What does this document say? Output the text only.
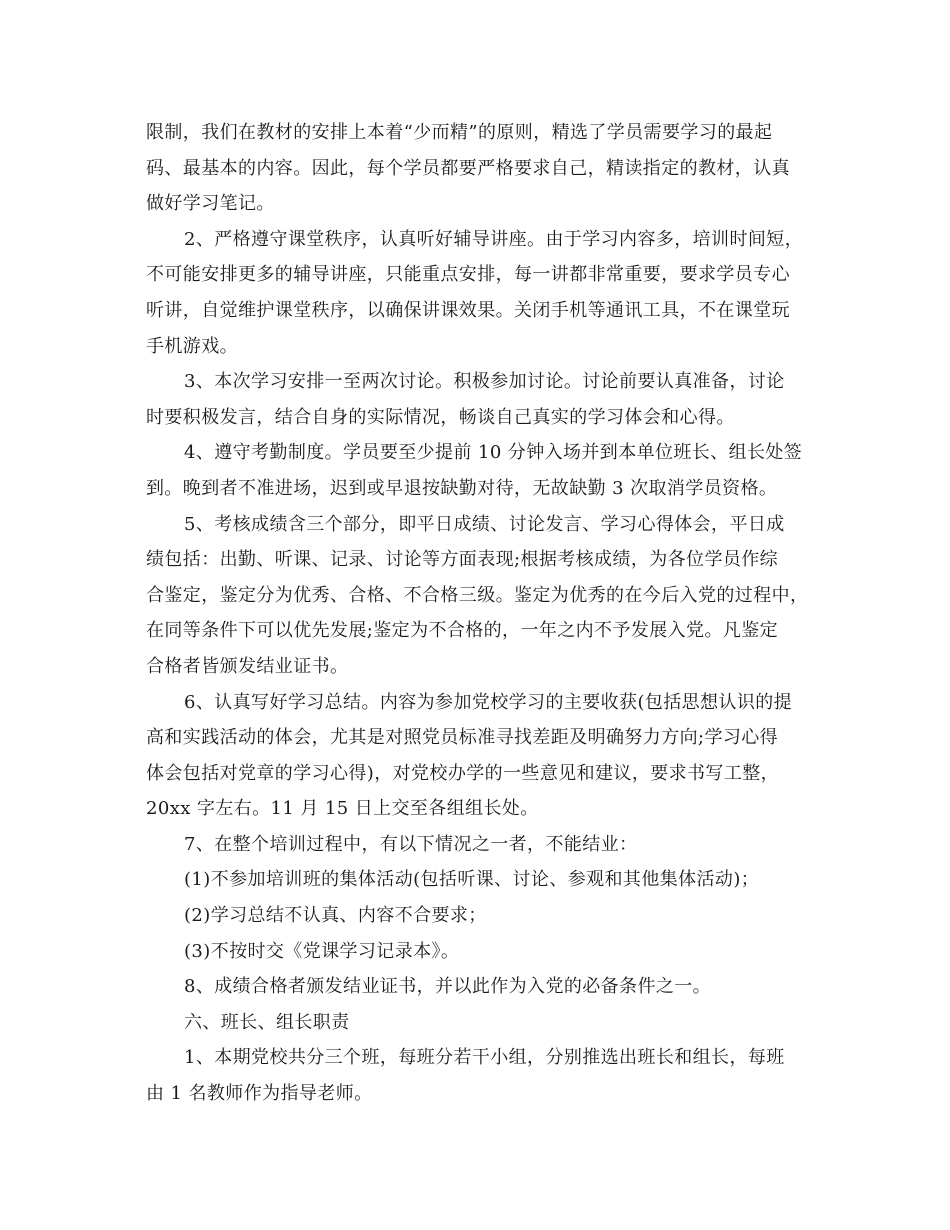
限制，我们在教材的安排上本着“少而精”的原则，精选了学员需要学习的最起
码、最基本的内容。因此，每个学员都要严格要求自己，精读指定的教材，认真
做好学习笔记。
2、严格遵守课堂秩序，认真听好辅导讲座。由于学习内容多，培训时间短，
不可能安排更多的辅导讲座，只能重点安排，每一讲都非常重要，要求学员专心
听讲，自觉维护课堂秩序，以确保讲课效果。关闭手机等通讯工具，不在课堂玩
手机游戏。
3、本次学习安排一至两次讨论。积极参加讨论。讨论前要认真准备，讨论
时要积极发言，结合自身的实际情况，畅谈自己真实的学习体会和心得。
4、遵守考勤制度。学员要至少提前 10 分钟入场并到本单位班长、组长处签
到。晚到者不准进场，迟到或早退按缺勤对待，无故缺勤 3 次取消学员资格。
5、考核成绩含三个部分，即平日成绩、讨论发言、学习心得体会，平日成
绩包括：出勤、听课、记录、讨论等方面表现;根据考核成绩，为各位学员作综
合鉴定，鉴定分为优秀、合格、不合格三级。鉴定为优秀的在今后入党的过程中，
在同等条件下可以优先发展;鉴定为不合格的，一年之内不予发展入党。凡鉴定
合格者皆颁发结业证书。
6、认真写好学习总结。内容为参加党校学习的主要收获(包括思想认识的提
高和实践活动的体会，尤其是对照党员标准寻找差距及明确努力方向;学习心得
体会包括对党章的学习心得)，对党校办学的一些意见和建议，要求书写工整，
20xx 字左右。11 月 15 日上交至各组组长处。
7、在整个培训过程中，有以下情况之一者，不能结业：
(1)不参加培训班的集体活动(包括听课、讨论、参观和其他集体活动)；
(2)学习总结不认真、内容不合要求；
(3)不按时交《党课学习记录本》。
8、成绩合格者颁发结业证书，并以此作为入党的必备条件之一。
六、班长、组长职责
1、本期党校共分三个班，每班分若干小组，分别推选出班长和组长，每班
由 1 名教师作为指导老师。
